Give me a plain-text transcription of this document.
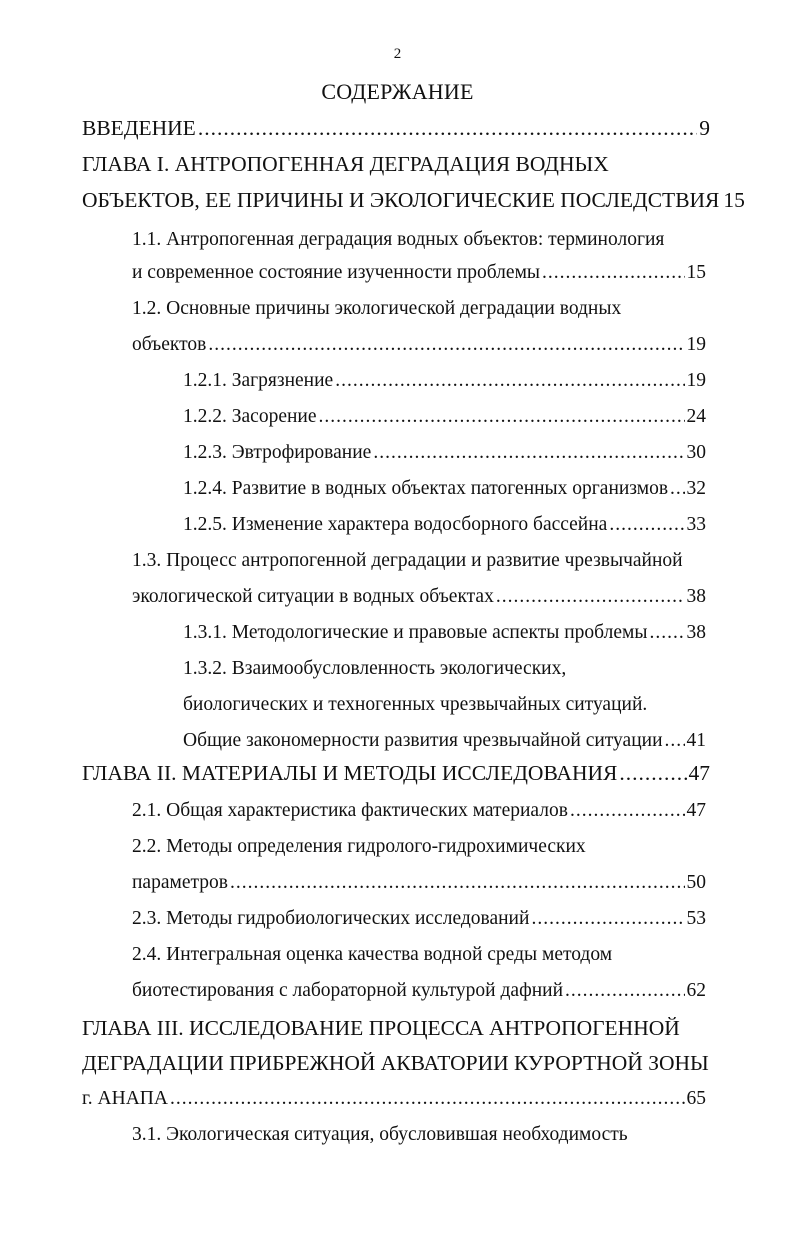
2
СОДЕРЖАНИЕ
ВВЕДЕНИЕ .....	9
ГЛАВА I. АНТРОПОГЕННАЯ ДЕГРАДАЦИЯ ВОДНЫХ
ОБЪЕКТОВ, ЕЕ ПРИЧИНЫ И ЭКОЛОГИЧЕСКИЕ ПОСЛЕДСТВИЯ 15
1.1. Антропогенная деградация водных объектов: терминология
и современное состояние изученности проблемы .....	15
1.2. Основные причины экологической деградации водных
объектов .....	19
1.2.1. Загрязнение .....	19
1.2.2. Засорение .....	24
1.2.3. Эвтрофирование .....	30
1.2.4. Развитие в водных объектах патогенных организмов ..... 32
1.2.5. Изменение характера водосборного бассейна .....	33
1.3. Процесс антропогенной деградации и развитие чрезвычайной
экологической ситуации в водных объектах .....	38
1.3.1. Методологические и правовые аспекты проблемы ..... 38
1.3.2. Взаимообусловленность экологических,
биологических и техногенных чрезвычайных ситуаций.
Общие закономерности развития чрезвычайной ситуации ..... 41
ГЛАВА II. МАТЕРИАЛЫ И МЕТОДЫ ИССЛЕДОВАНИЯ .....	47
2.1. Общая характеристика фактических материалов .....	47
2.2. Методы определения гидролого-гидрохимических
параметров .....	50
2.3. Методы гидробиологических исследований .....	53
2.4. Интегральная оценка качества водной среды методом
биотестирования с лабораторной культурой дафний .....	62
ГЛАВА III. ИССЛЕДОВАНИЕ ПРОЦЕССА АНТРОПОГЕННОЙ
ДЕГРАДАЦИИ ПРИБРЕЖНОЙ АКВАТОРИИ КУРОРТНОЙ ЗОНЫ
г. АНАПА .....	65
3.1. Экологическая ситуация, обусловившая необходимость
